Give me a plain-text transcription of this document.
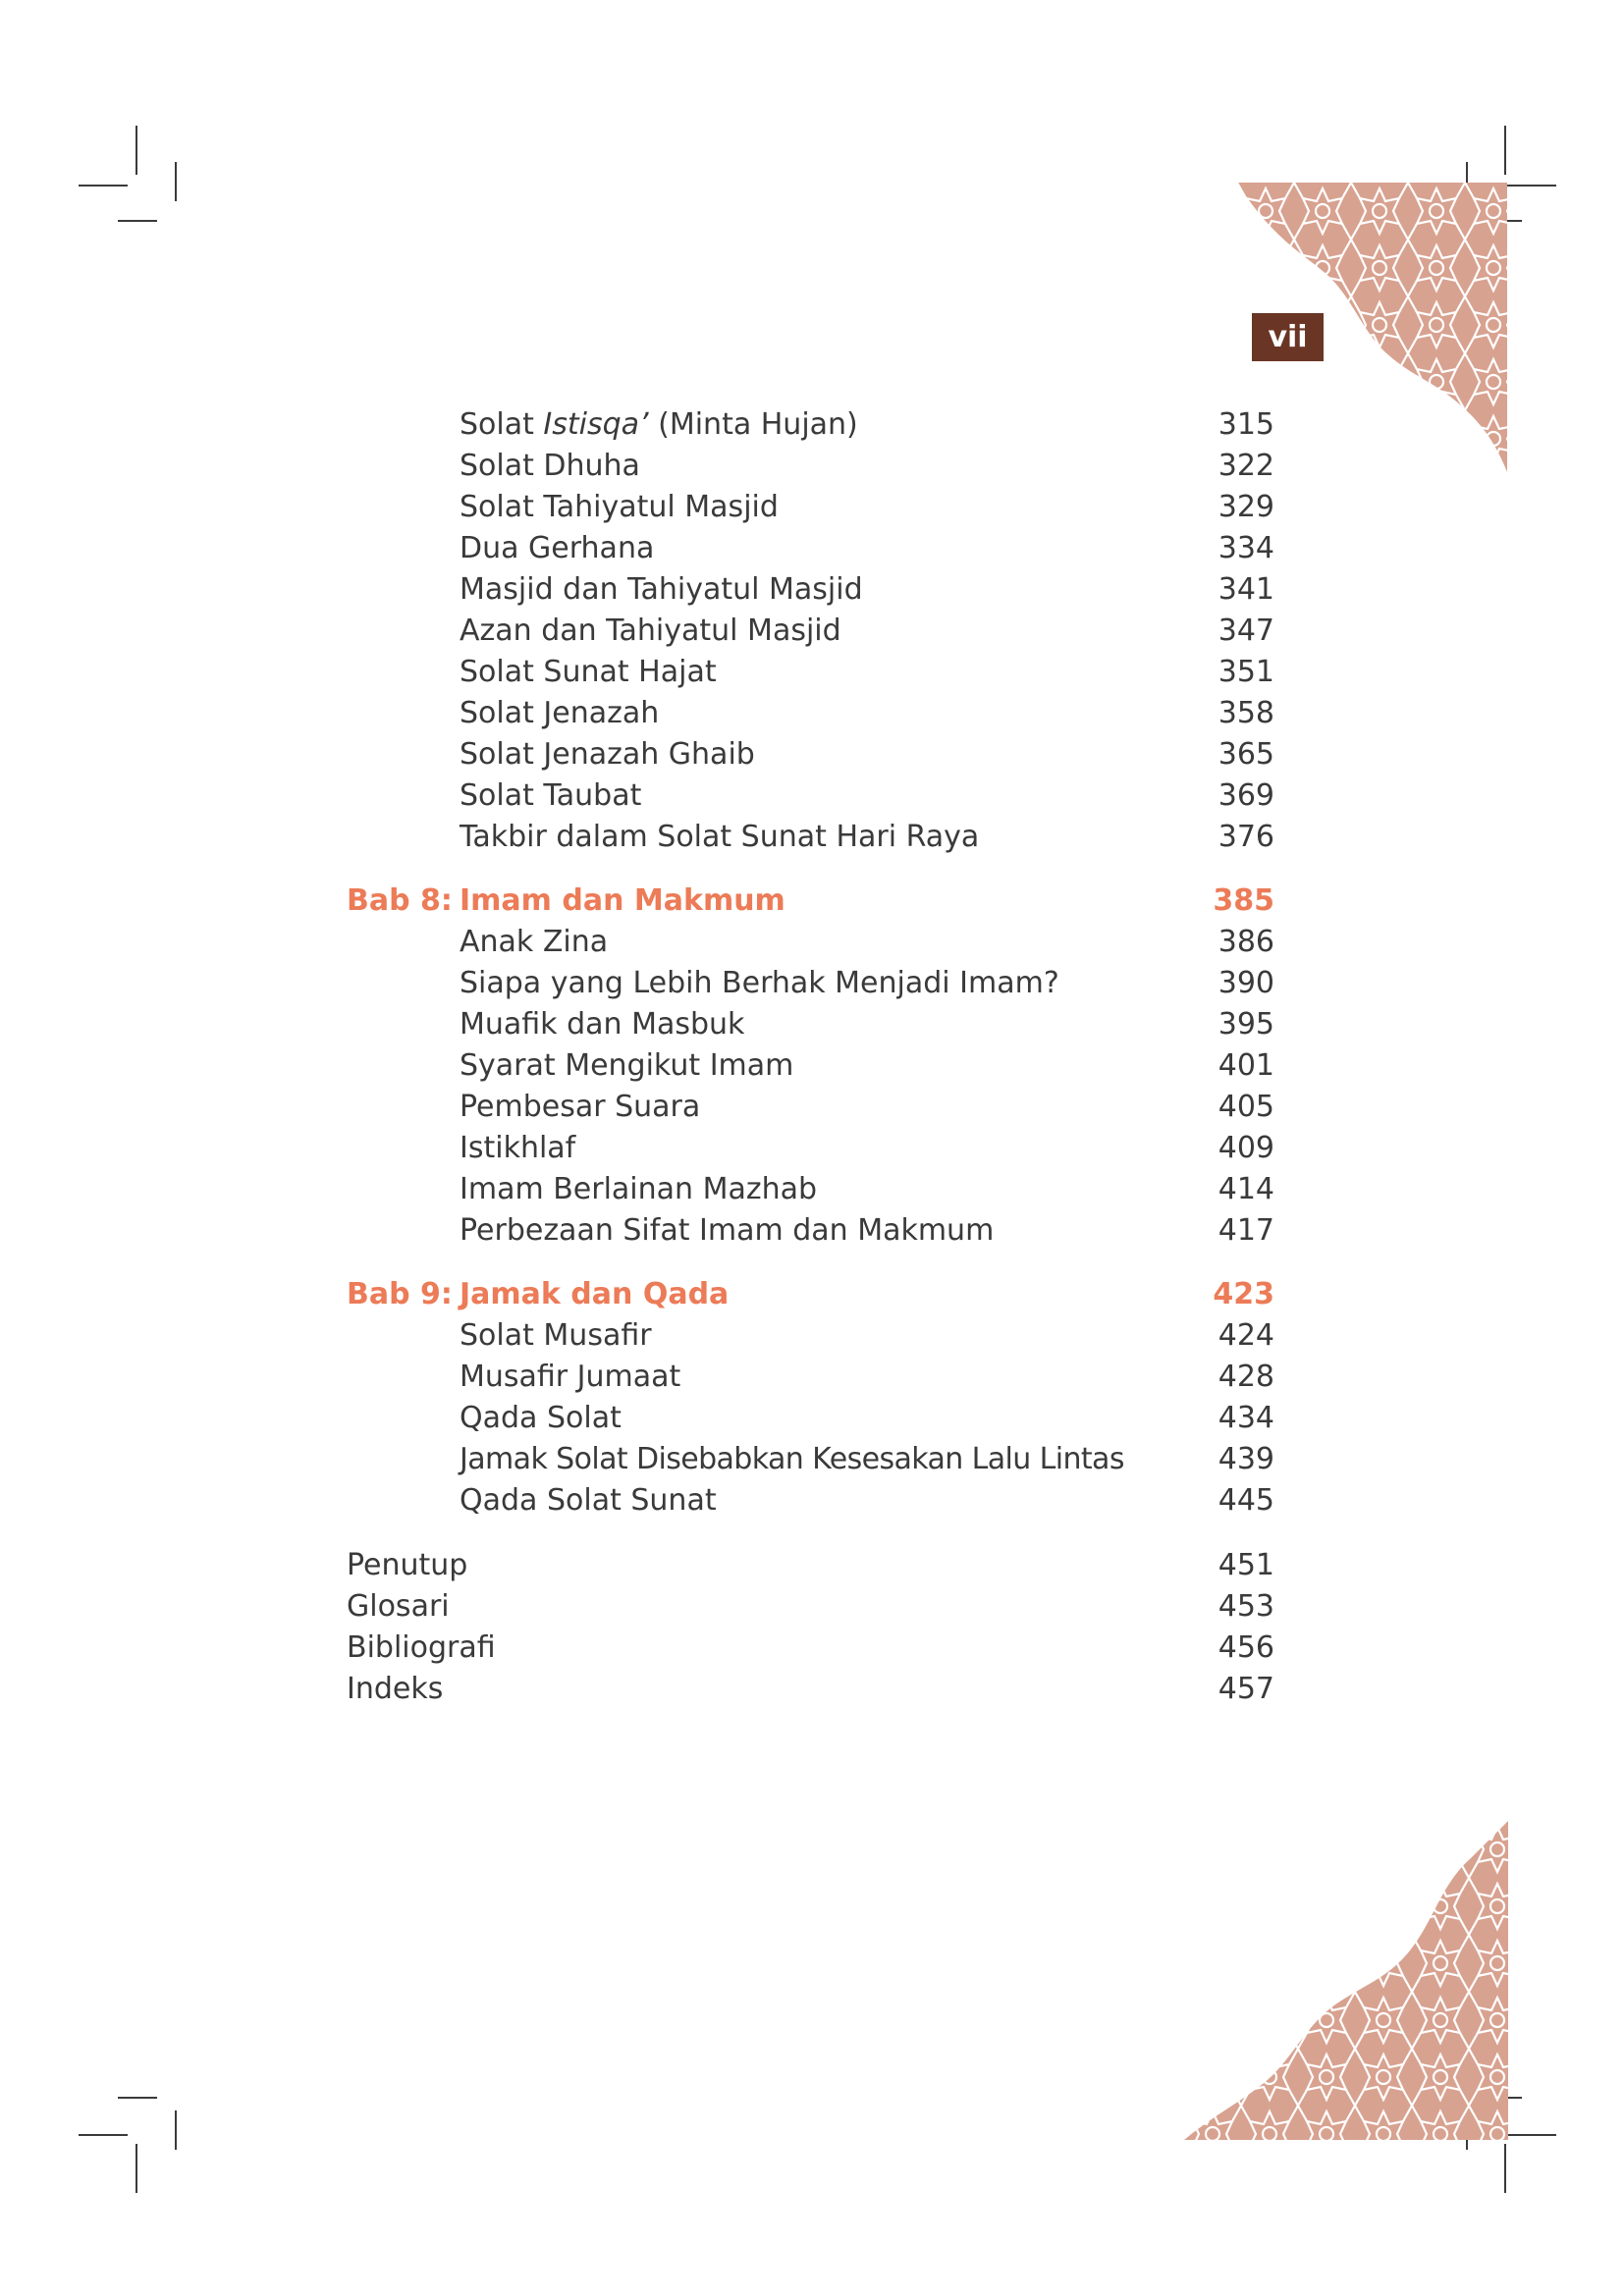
vii
Solat Istisqa’ (Minta Hujan)	315
Solat Dhuha	322
Solat Tahiyatul Masjid	329
Dua Gerhana	334
Masjid dan Tahiyatul Masjid	341
Azan dan Tahiyatul Masjid	347
Solat Sunat Hajat	351
Solat Jenazah	358
Solat Jenazah Ghaib	365
Solat Taubat	369
Takbir dalam Solat Sunat Hari Raya	376
Bab 8: Imam dan Makmum	385
Anak Zina	386
Siapa yang Lebih Berhak Menjadi Imam?	390
Muafik dan Masbuk	395
Syarat Mengikut Imam	401
Pembesar Suara	405
Istikhlaf	409
Imam Berlainan Mazhab	414
Perbezaan Sifat Imam dan Makmum	417
Bab 9: Jamak dan Qada	423
Solat Musafir	424
Musafir Jumaat	428
Qada Solat	434
Jamak Solat Disebabkan Kesesakan Lalu Lintas	439
Qada Solat Sunat	445
Penutup	451
Glosari	453
Bibliografi	456
Indeks	457
